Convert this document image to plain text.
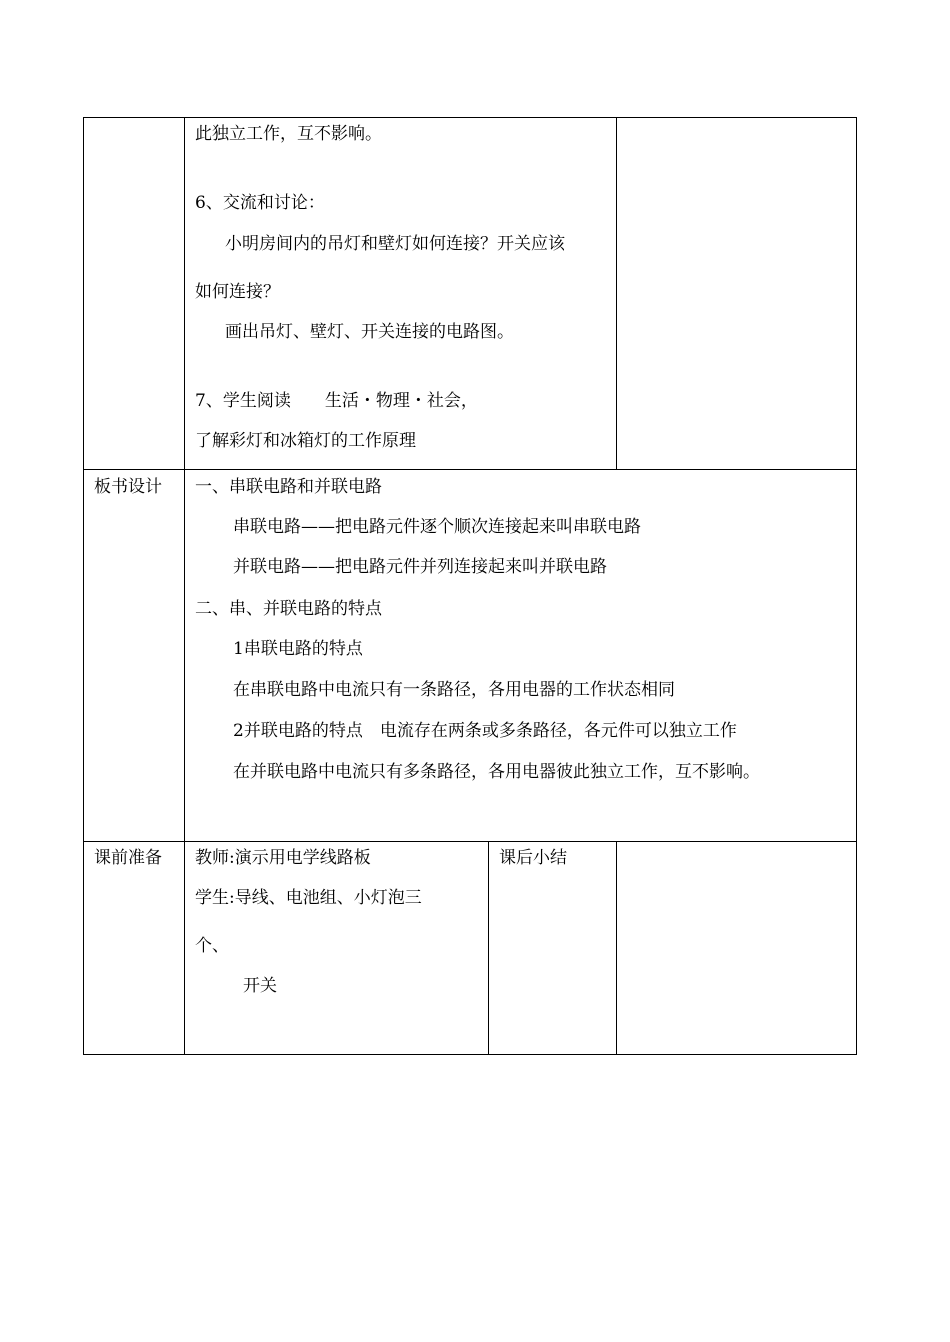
此独立工作，互不影响。
6、交流和讨论：
小明房间内的吊灯和壁灯如何连接？开关应该
如何连接？
画出吊灯、壁灯、开关连接的电路图。
7、学生阅读　　生活・物理・社会，
了解彩灯和冰箱灯的工作原理
板书设计 一、串联电路和并联电路
串联电路——把电路元件逐个顺次连接起来叫串联电路
并联电路——把电路元件并列连接起来叫并联电路
二、串、并联电路的特点
1串联电路的特点
在串联电路中电流只有一条路径，各用电器的工作状态相同
2并联电路的特点　电流存在两条或多条路径，各元件可以独立工作
在并联电路中电流只有多条路径，各用电器彼此独立工作，互不影响。
课前准备 教师:演示用电学线路板
学生:导线、电池组、小灯泡三
个、
开关
课后小结
